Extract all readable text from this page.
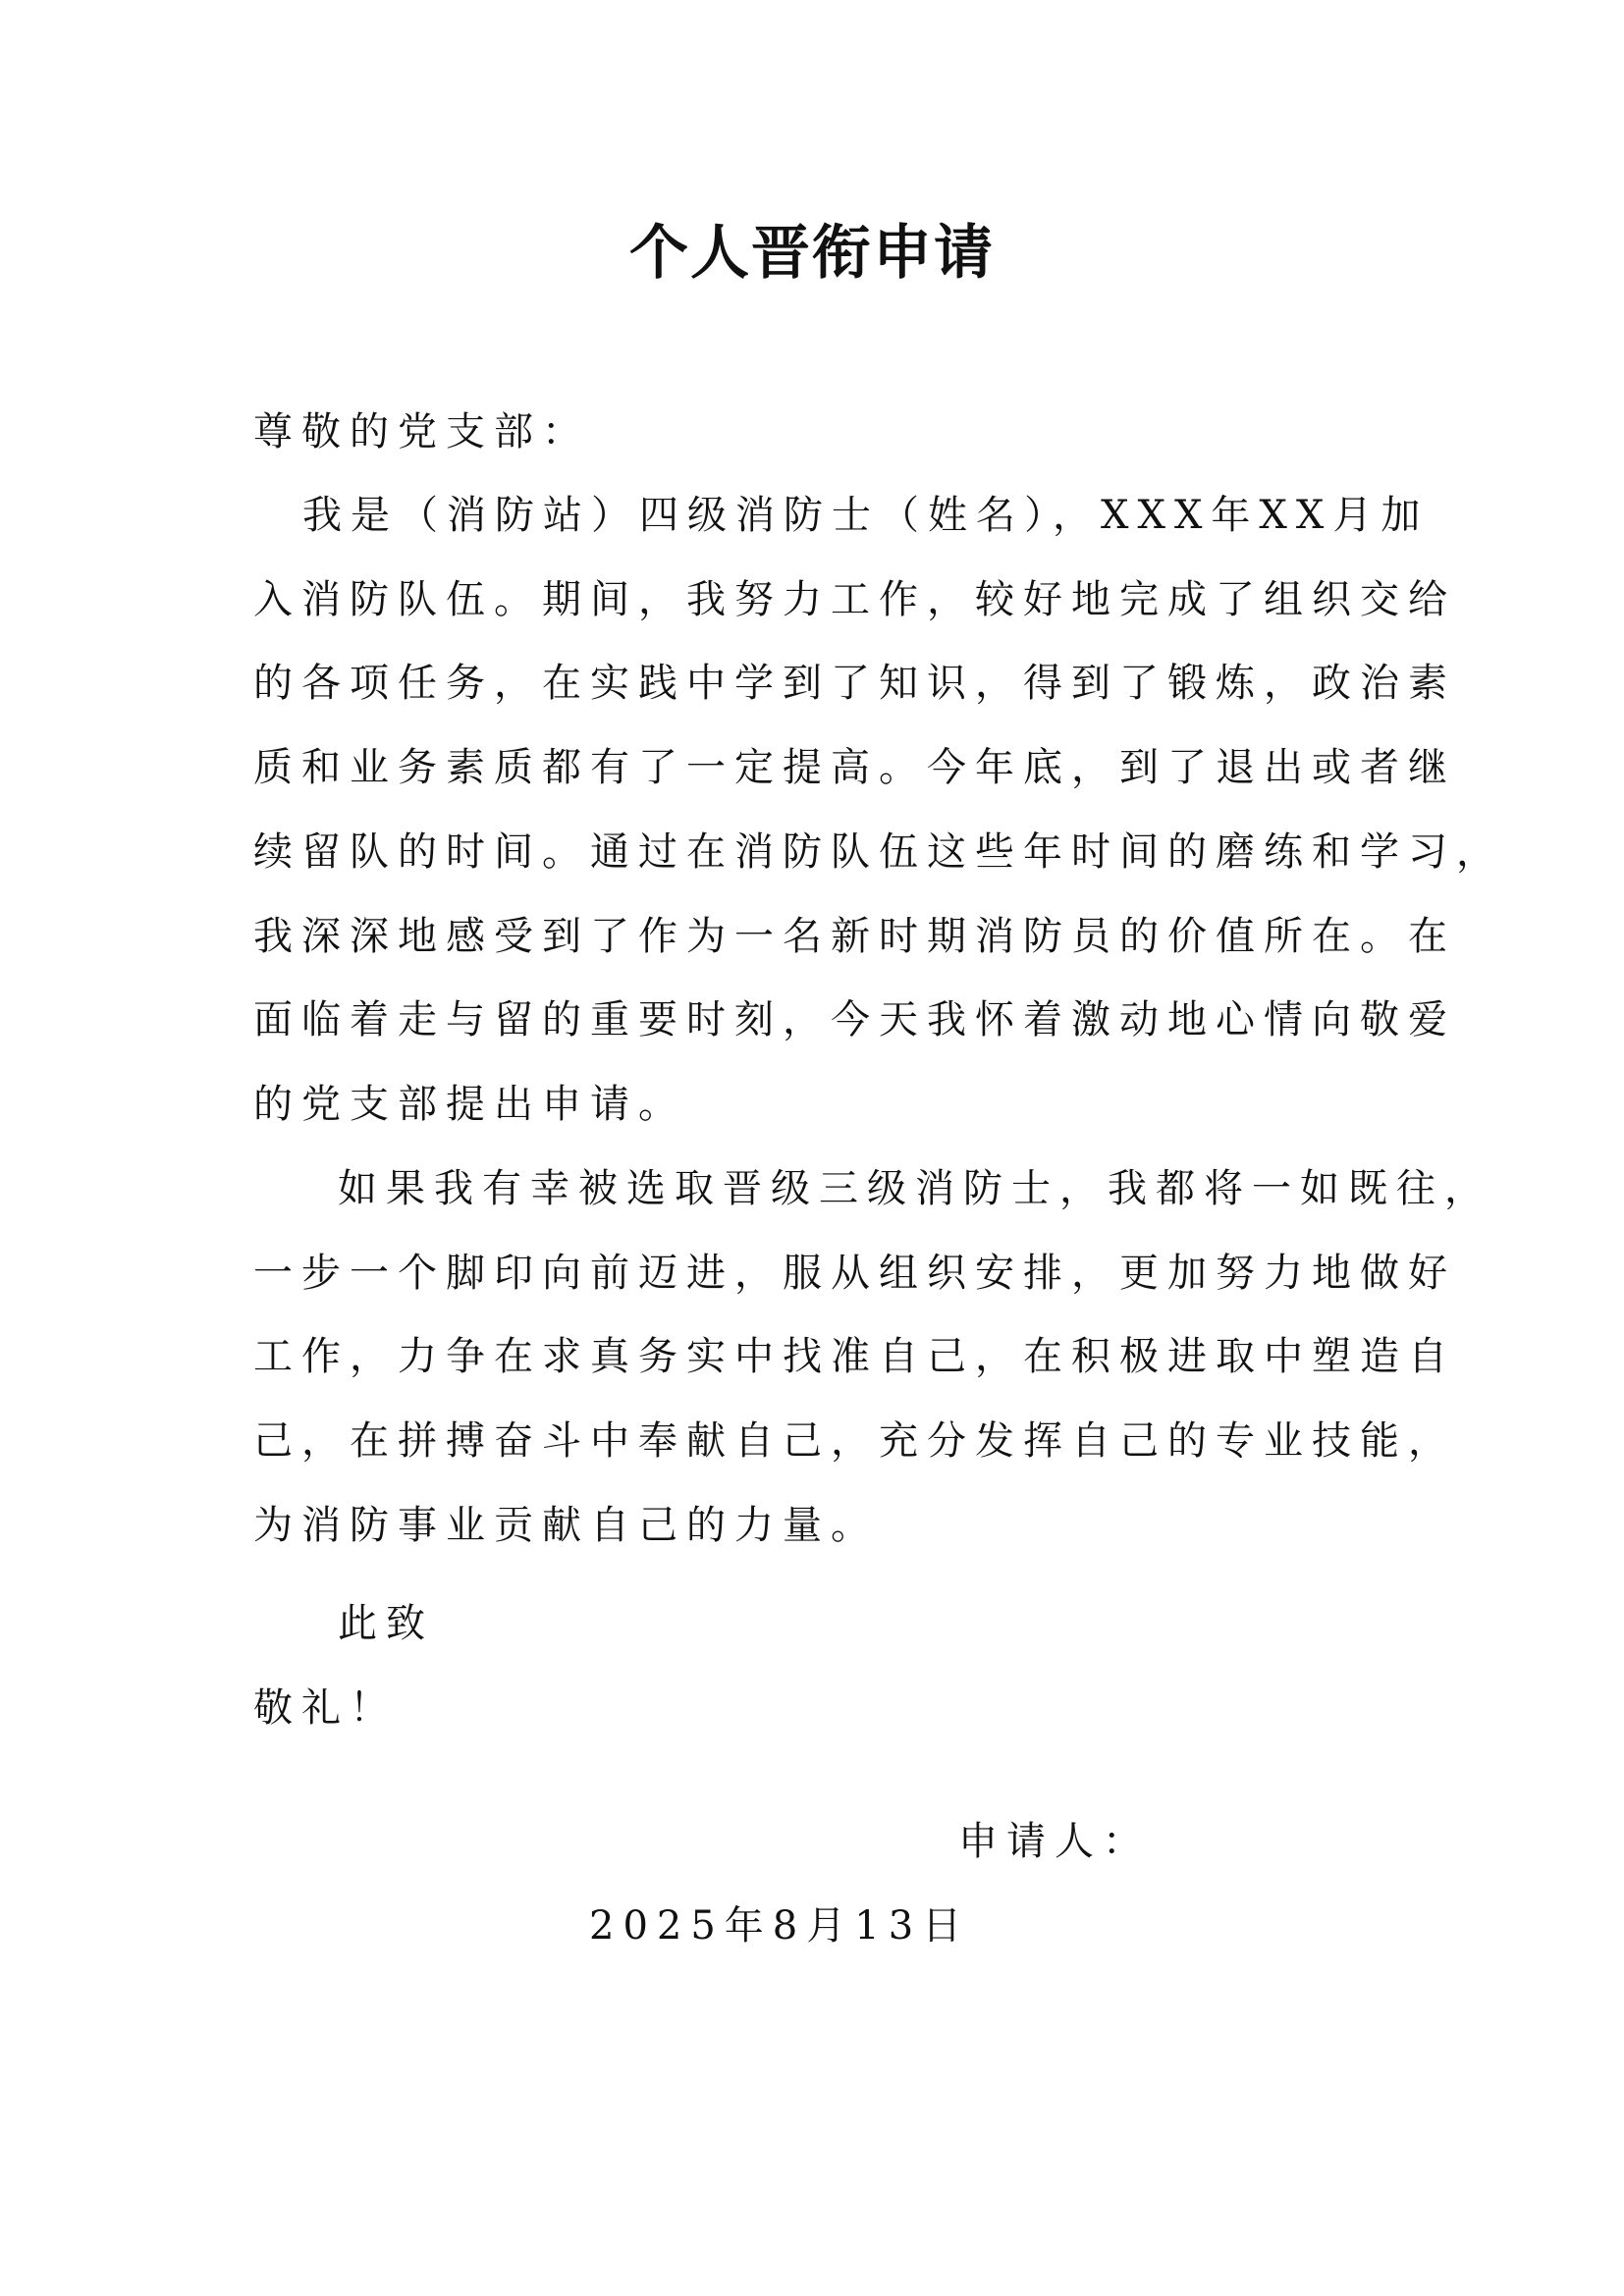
个人晋衔申请
尊敬的党支部：
我是（消防站）四级消防士（姓名），XXX年XX月加
入消防队伍。期间，我努力工作，较好地完成了组织交给
的各项任务，在实践中学到了知识，得到了锻炼，政治素
质和业务素质都有了一定提高。今年底，到了退出或者继
续留队的时间。通过在消防队伍这些年时间的磨练和学习，
我深深地感受到了作为一名新时期消防员的价值所在。在
面临着走与留的重要时刻，今天我怀着激动地心情向敬爱
的党支部提出申请。
如果我有幸被选取晋级三级消防士，我都将一如既往，
一步一个脚印向前迈进，服从组织安排，更加努力地做好
工作，力争在求真务实中找准自己，在积极进取中塑造自
己，在拼搏奋斗中奉献自己，充分发挥自己的专业技能，
为消防事业贡献自己的力量。
此致
敬礼！
申请人：
2025年8月13日
